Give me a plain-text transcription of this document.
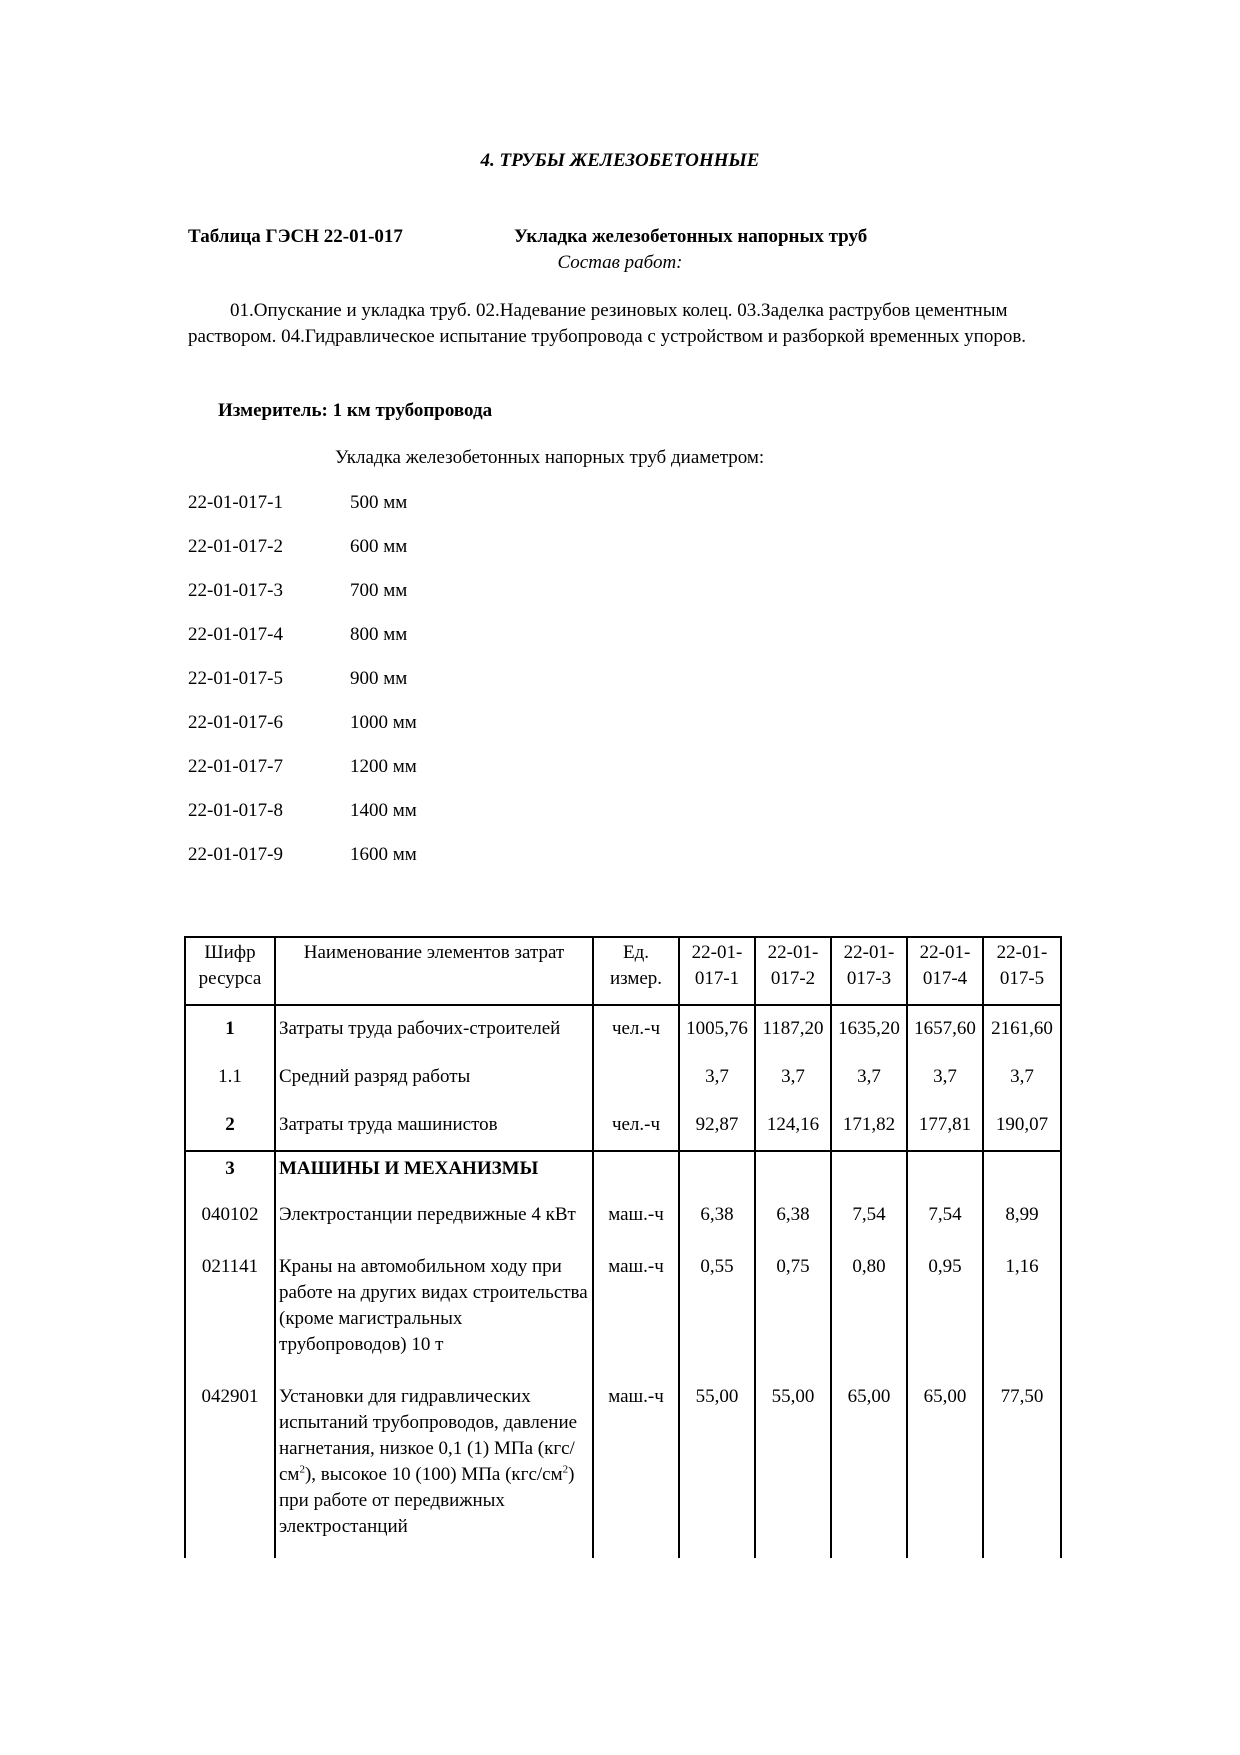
4. ТРУБЫ ЖЕЛЕЗОБЕТОННЫЕ
Таблица ГЭСН 22-01-017	Укладка железобетонных напорных труб
Состав работ:
01.Опускание и укладка труб. 02.Надевание резиновых колец. 03.Заделка раструбов цементным раствором. 04.Гидравлическое испытание трубопровода с устройством и разборкой временных упоров.
Измеритель: 1 км трубопровода
Укладка железобетонных напорных труб диаметром:
22-01-017-1	500 мм
22-01-017-2	600 мм
22-01-017-3	700 мм
22-01-017-4	800 мм
22-01-017-5	900 мм
22-01-017-6	1000 мм
22-01-017-7	1200 мм
22-01-017-8	1400 мм
22-01-017-9	1600 мм
Шифр ресурса	Наименование элементов затрат	Ед. измер.	22-01-017-1	22-01-017-2	22-01-017-3	22-01-017-4	22-01-017-5
1	Затраты труда рабочих-строителей	чел.-ч	1005,76	1187,20	1635,20	1657,60	2161,60
1.1	Средний разряд работы		3,7	3,7	3,7	3,7	3,7
2	Затраты труда машинистов	чел.-ч	92,87	124,16	171,82	177,81	190,07
3	МАШИНЫ И МЕХАНИЗМЫ						
040102	Электростанции передвижные 4 кВт	маш.-ч	6,38	6,38	7,54	7,54	8,99
021141	Краны на автомобильном ходу при работе на других видах строительства (кроме магистральных трубопроводов) 10 т	маш.-ч	0,55	0,75	0,80	0,95	1,16
042901	Установки для гидравлических испытаний трубопроводов, давление нагнетания, низкое 0,1 (1) МПа $(кгс/см^2)$, высокое 10 (100) МПа $(кгс/см^2)$ при работе от передвижных электростанций	маш.-ч	55,00	55,00	65,00	65,00	77,50
